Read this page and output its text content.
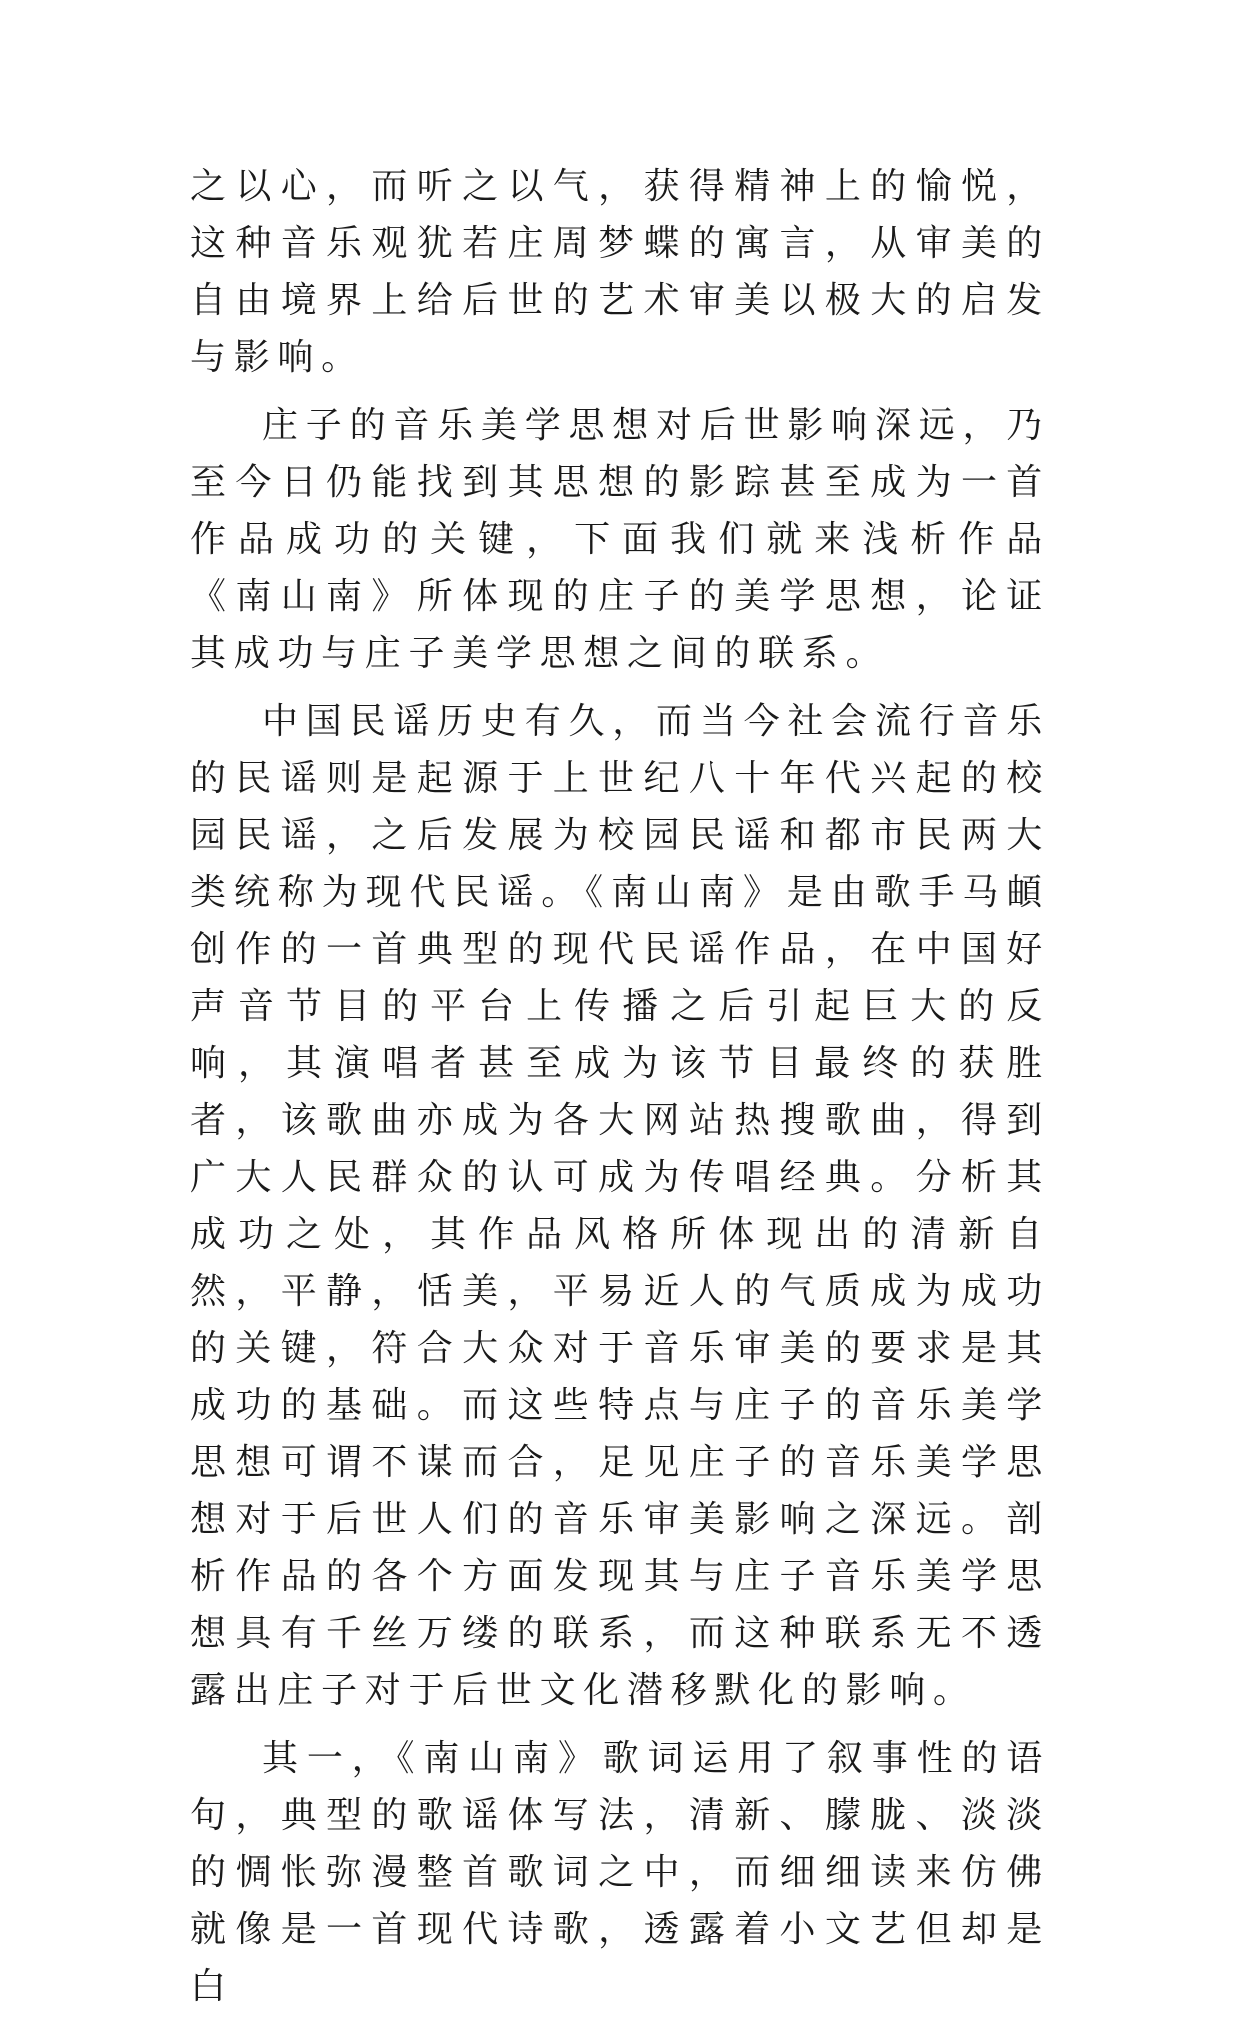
之以心，而听之以气，获得精神上的愉悦，这种音乐观犹若庄周梦蝶的寓言，从审美的自由境界上给后世的艺术审美以极大的启发与影响。

庄子的音乐美学思想对后世影响深远，乃至今日仍能找到其思想的影踪甚至成为一首作品成功的关键，下面我们就来浅析作品《南山南》所体现的庄子的美学思想，论证其成功与庄子美学思想之间的联系。

中国民谣历史有久，而当今社会流行音乐的民谣则是起源于上世纪八十年代兴起的校园民谣，之后发展为校园民谣和都市民两大类统称为现代民谣。《南山南》是由歌手马頔创作的一首典型的现代民谣作品，在中国好声音节目的平台上传播之后引起巨大的反响，其演唱者甚至成为该节目最终的获胜者，该歌曲亦成为各大网站热搜歌曲，得到广大人民群众的认可成为传唱经典。分析其成功之处，其作品风格所体现出的清新自然，平静，恬美，平易近人的气质成为成功的关键，符合大众对于音乐审美的要求是其成功的基础。而这些特点与庄子的音乐美学思想可谓不谋而合，足见庄子的音乐美学思想对于后世人们的音乐审美影响之深远。剖析作品的各个方面发现其与庄子音乐美学思想具有千丝万缕的联系，而这种联系无不透露出庄子对于后世文化潜移默化的影响。

其一，《南山南》歌词运用了叙事性的语句，典型的歌谣体写法，清新、朦胧、淡淡的惆怅弥漫整首歌词之中，而细细读来仿佛就像是一首现代诗歌，透露着小文艺但却是白
